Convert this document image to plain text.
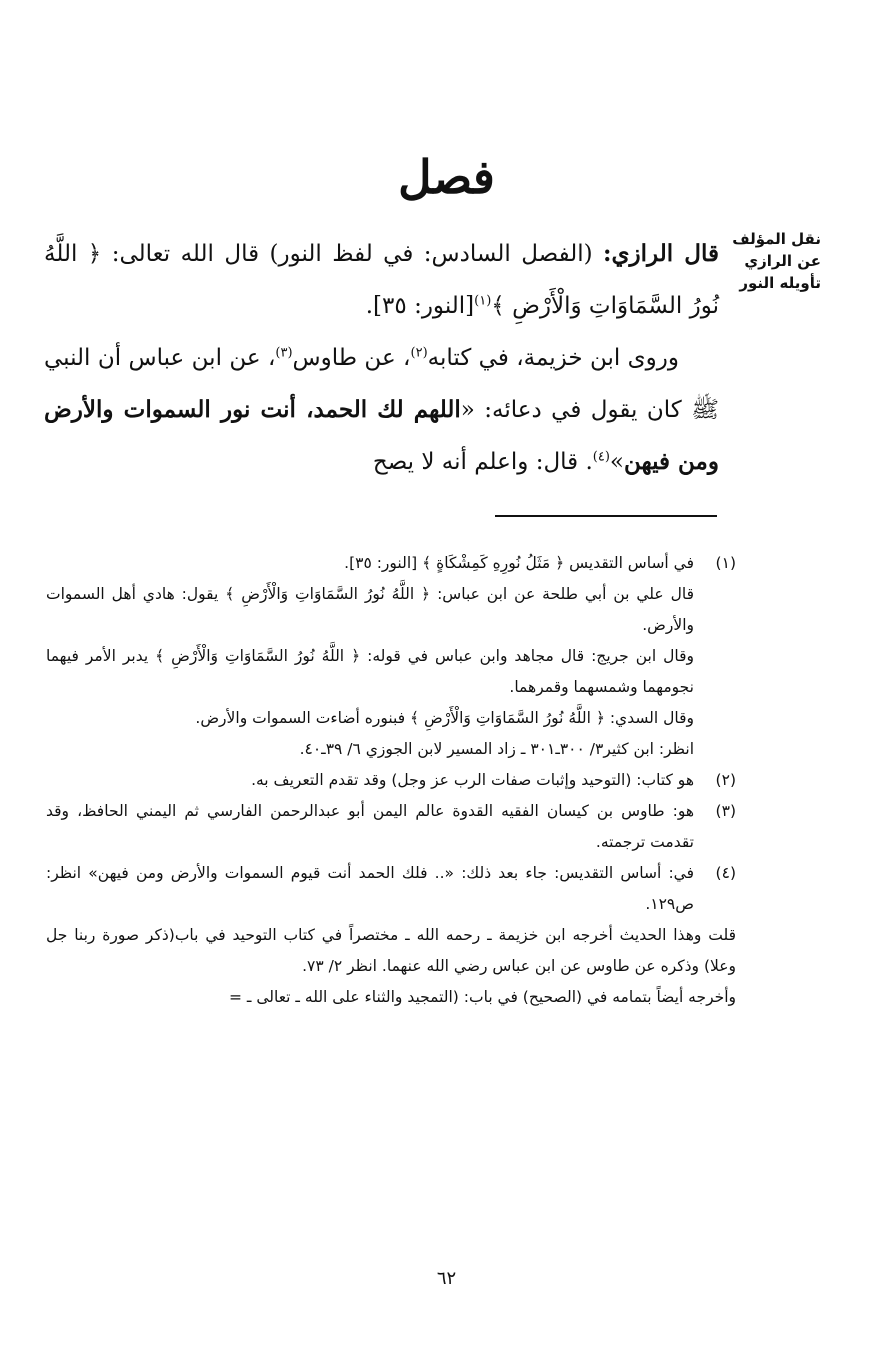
فصل
نقل المؤلف
عن الرازي
تأويله النور

قال الرازي: (الفصل السادس: في لفظ النور) قال الله تعالى: ﴿ اللَّهُ نُورُ السَّمَاوَاتِ وَالْأَرْضِ ﴾$^{(١)}$[النور: ٣٥].

وروى ابن خزيمة، في كتابه$^{(٢)}$، عن طاوس$^{(٣)}$، عن ابن عباس أن النبي ﷺ كان يقول في دعائه: «اللهم لك الحمد، أنت نور السموات والأرض ومن فيهن»$^{(٤)}$. قال: واعلم أنه لا يصح

(١)

في أساس التقديس ﴿ مَثَلُ نُورِهِ كَمِشْكَاةٍ ﴾ [النور: ٣٥].

قال علي بن أبي طلحة عن ابن عباس: ﴿ اللَّهُ نُورُ السَّمَاوَاتِ وَالْأَرْضِ ﴾ يقول: هادي أهل السموات والأرض.

وقال ابن جريج: قال مجاهد وابن عباس في قوله: ﴿ اللَّهُ نُورُ السَّمَاوَاتِ وَالْأَرْضِ ﴾ يدبر الأمر فيهما نجومهما وشمسهما وقمرهما.

وقال السدي: ﴿ اللَّهُ نُورُ السَّمَاوَاتِ وَالْأَرْضِ ﴾ فبنوره أضاءت السموات والأرض.

انظر: ابن كثير٣/ ٣٠٠ـ٣٠١ ـ زاد المسير لابن الجوزي ٦/ ٣٩ـ٤٠.

(٢)

هو كتاب: (التوحيد وإثبات صفات الرب عز وجل) وقد تقدم التعريف به.

(٣)

هو: طاوس بن كيسان الفقيه القدوة عالم اليمن أبو عبدالرحمن الفارسي ثم اليمني الحافظ، وقد تقدمت ترجمته.

(٤)

في: أساس التقديس: جاء بعد ذلك: «.. فلك الحمد أنت قيوم السموات والأرض ومن فيهن» انظر: ص١٢٩.

قلت وهذا الحديث أخرجه ابن خزيمة ـ رحمه الله ـ مختصراً في كتاب التوحيد في باب(ذكر صورة ربنا جل وعلا) وذكره عن طاوس عن ابن عباس رضي الله عنهما. انظر ٢/ ٧٣.

وأخرجه أيضاً بتمامه في (الصحيح) في باب: (التمجيد والثناء على الله ـ تعالى ـ =

٦٢
